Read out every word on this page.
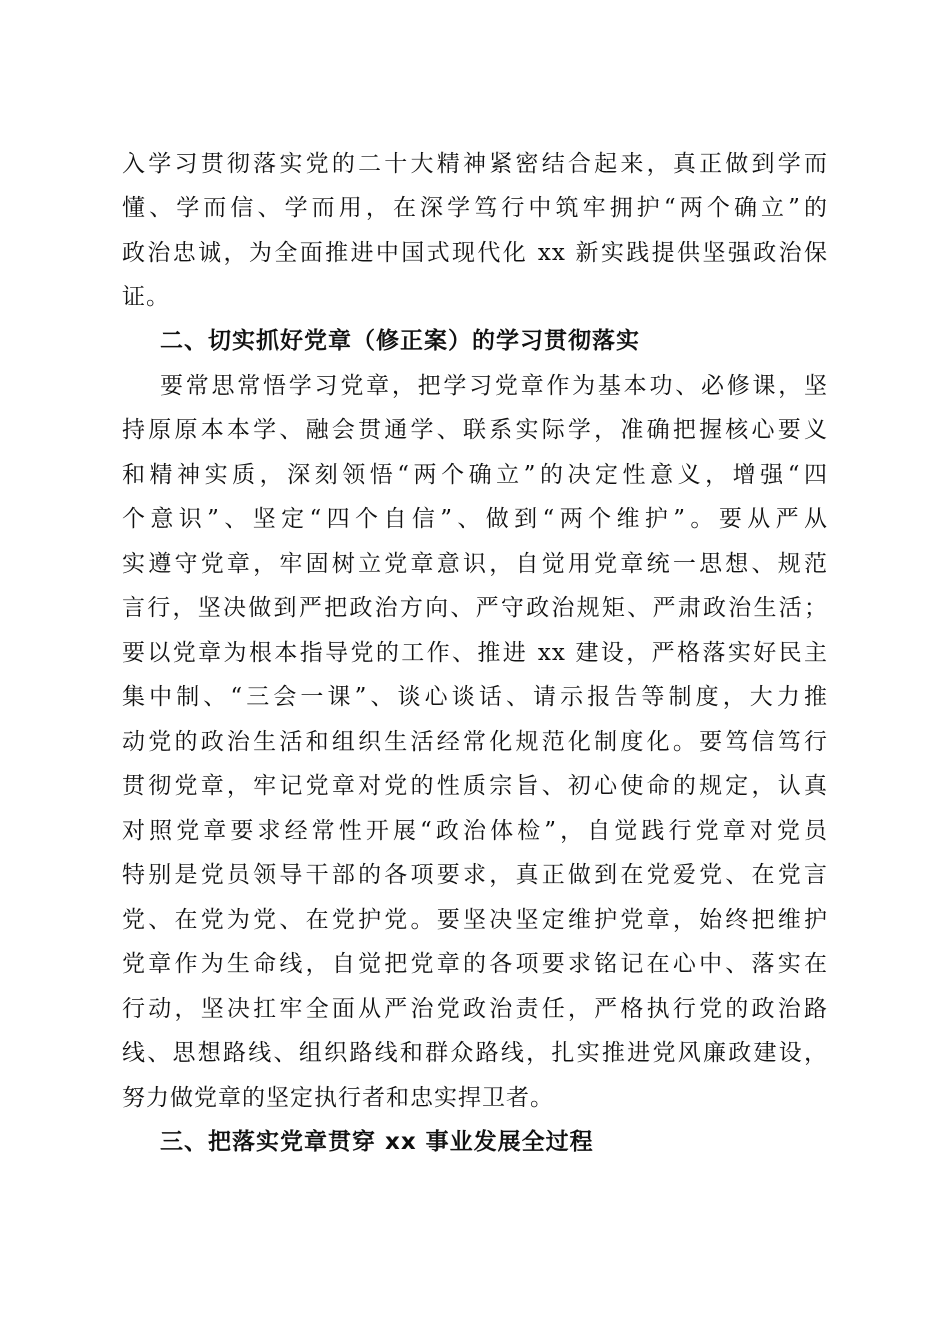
入学习贯彻落实党的二十大精神紧密结合起来，真正做到学而
懂、学而信、学而用，在深学笃行中筑牢拥护“两个确立”的
政治忠诚，为全面推进中国式现代化 xx 新实践提供坚强政治保
证。
二、切实抓好党章（修正案）的学习贯彻落实
要常思常悟学习党章，把学习党章作为基本功、必修课，坚
持原原本本学、融会贯通学、联系实际学，准确把握核心要义
和精神实质，深刻领悟“两个确立”的决定性意义，增强“四
个意识”、坚定“四个自信”、做到“两个维护”。要从严从
实遵守党章，牢固树立党章意识，自觉用党章统一思想、规范
言行，坚决做到严把政治方向、严守政治规矩、严肃政治生活；
要以党章为根本指导党的工作、推进 xx 建设，严格落实好民主
集中制、“三会一课”、谈心谈话、请示报告等制度，大力推
动党的政治生活和组织生活经常化规范化制度化。要笃信笃行
贯彻党章，牢记党章对党的性质宗旨、初心使命的规定，认真
对照党章要求经常性开展“政治体检”，自觉践行党章对党员
特别是党员领导干部的各项要求，真正做到在党爱党、在党言
党、在党为党、在党护党。要坚决坚定维护党章，始终把维护
党章作为生命线，自觉把党章的各项要求铭记在心中、落实在
行动，坚决扛牢全面从严治党政治责任，严格执行党的政治路
线、思想路线、组织路线和群众路线，扎实推进党风廉政建设，
努力做党章的坚定执行者和忠实捍卫者。
三、把落实党章贯穿 xx 事业发展全过程
